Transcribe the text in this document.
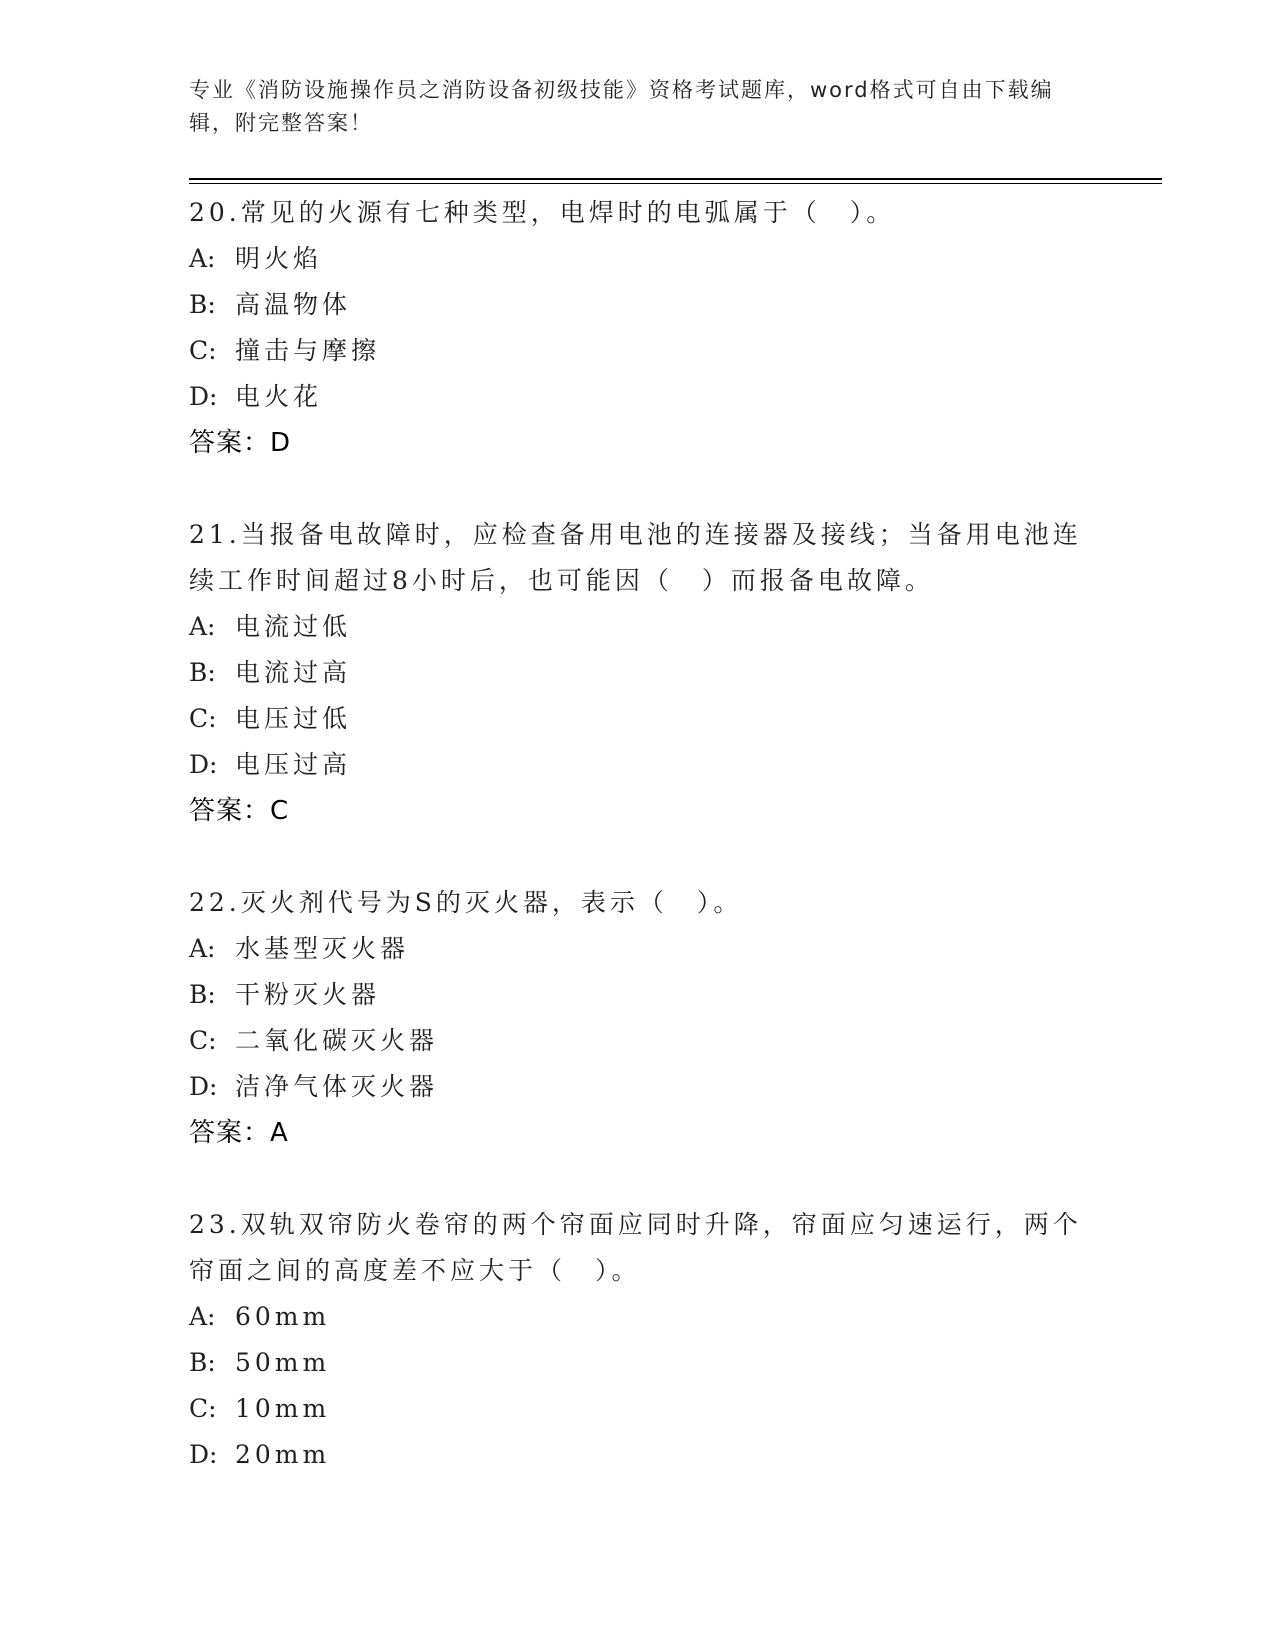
专业《消防设施操作员之消防设备初级技能》资格考试题库，word格式可自由下载编辑，附完整答案！
20.常见的火源有七种类型，电焊时的电弧属于（　）。
A: 明火焰
B: 高温物体
C: 撞击与摩擦
D: 电火花
答案：D
21.当报备电故障时，应检查备用电池的连接器及接线；当备用电池连续工作时间超过8小时后，也可能因（　）而报备电故障。
A: 电流过低
B: 电流过高
C: 电压过低
D: 电压过高
答案：C
22.灭火剂代号为S的灭火器，表示（　）。
A: 水基型灭火器
B: 干粉灭火器
C: 二氧化碳灭火器
D: 洁净气体灭火器
答案：A
23.双轨双帘防火卷帘的两个帘面应同时升降，帘面应匀速运行，两个帘面之间的高度差不应大于（　）。
A: 60mm
B: 50mm
C: 10mm
D: 20mm
